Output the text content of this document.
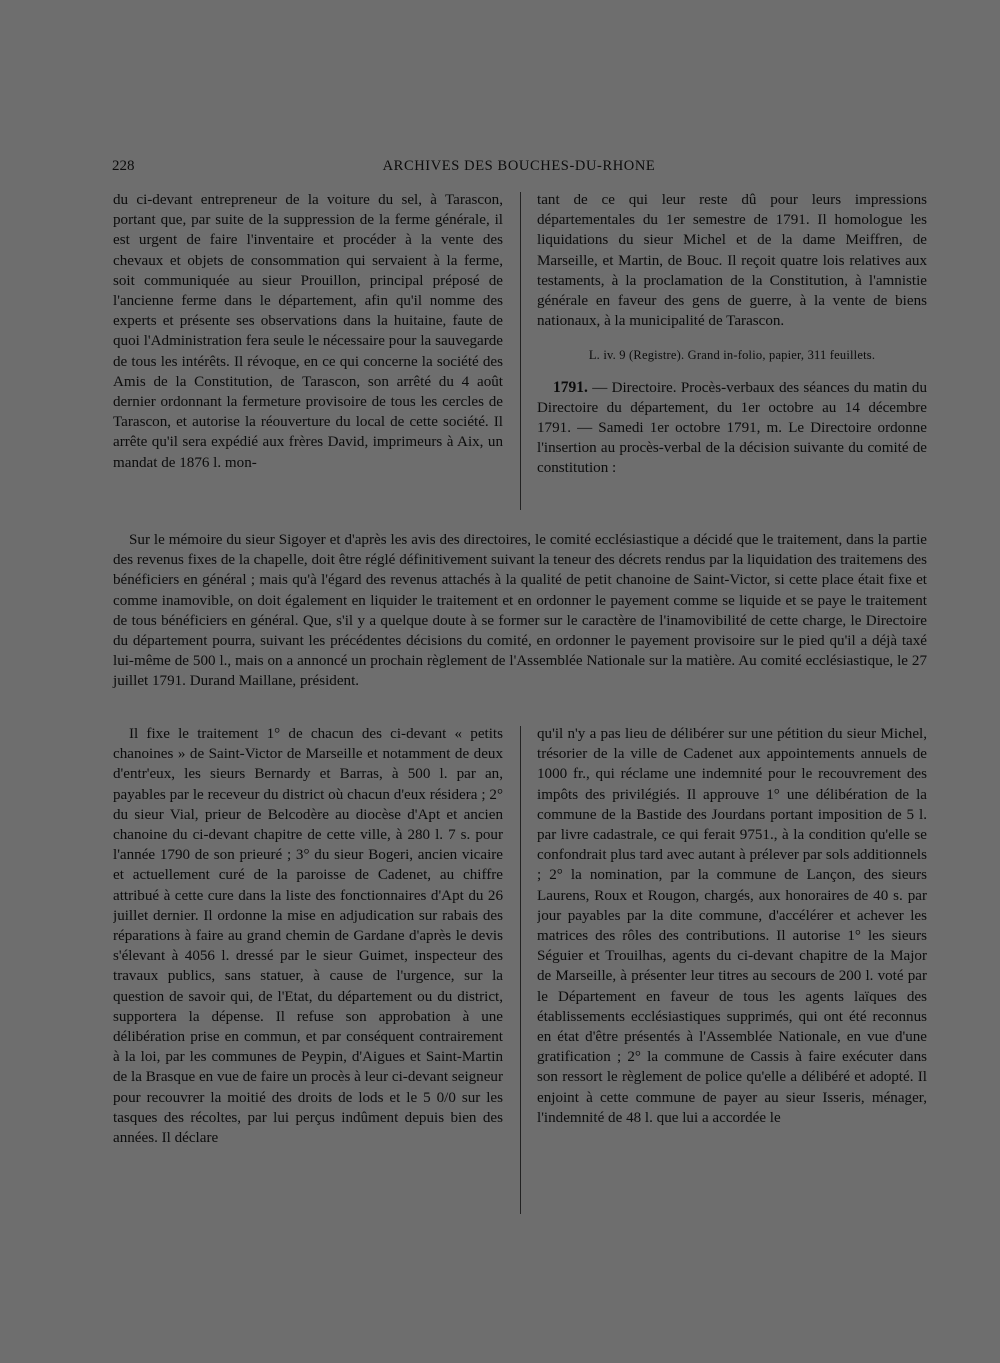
228	ARCHIVES DES BOUCHES-DU-RHONE

du ci-devant entrepreneur de la voiture du sel, à Tarascon, portant que, par suite de la suppression de la ferme générale, il est urgent de faire l'inventaire et procéder à la vente des chevaux et objets de consommation qui servaient à la ferme, soit communiquée au sieur Prouillon, principal préposé de l'ancienne ferme dans le département, afin qu'il nomme des experts et présente ses observations dans la huitaine, faute de quoi l'Administration fera seule le nécessaire pour la sauvegarde de tous les intérêts. Il révoque, en ce qui concerne la société des Amis de la Constitution, de Tarascon, son arrêté du 4 août dernier ordonnant la fermeture provisoire de tous les cercles de Tarascon, et autorise la réouverture du local de cette société. Il arrête qu'il sera expédié aux frères David, imprimeurs à Aix, un mandat de 1876 l. mon-

tant de ce qui leur reste dû pour leurs impressions départementales du 1er semestre de 1791. Il homologue les liquidations du sieur Michel et de la dame Meiffren, de Marseille, et Martin, de Bouc. Il reçoit quatre lois relatives aux testaments, à la proclamation de la Constitution, à l'amnistie générale en faveur des gens de guerre, à la vente de biens nationaux, à la municipalité de Tarascon.

L. iv. 9 (Registre). Grand in-folio, papier, 311 feuillets.

1791. — Directoire. Procès-verbaux des séances du matin du Directoire du département, du 1er octobre au 14 décembre 1791. — Samedi 1er octobre 1791, m. Le Directoire ordonne l'insertion au procès-verbal de la décision suivante du comité de constitution :

Sur le mémoire du sieur Sigoyer et d'après les avis des directoires, le comité ecclésiastique a décidé que le traitement, dans la partie des revenus fixes de la chapelle, doit être réglé définitivement suivant la teneur des décrets rendus par la liquidation des traitemens des bénéficiers en général ; mais qu'à l'égard des revenus attachés à la qualité de petit chanoine de Saint-Victor, si cette place était fixe et comme inamovible, on doit également en liquider le traitement et en ordonner le payement comme se liquide et se paye le traitement de tous bénéficiers en général. Que, s'il y a quelque doute à se former sur le caractère de l'inamovibilité de cette charge, le Directoire du département pourra, suivant les précédentes décisions du comité, en ordonner le payement provisoire sur le pied qu'il a déjà taxé lui-même de 500 l., mais on a annoncé un prochain règlement de l'Assemblée Nationale sur la matière. Au comité ecclésiastique, le 27 juillet 1791. Durand Maillane, président.

Il fixe le traitement 1° de chacun des ci-devant « petits chanoines » de Saint-Victor de Marseille et notamment de deux d'entr'eux, les sieurs Bernardy et Barras, à 500 l. par an, payables par le receveur du district où chacun d'eux résidera ; 2° du sieur Vial, prieur de Belcodère au diocèse d'Apt et ancien chanoine du ci-devant chapitre de cette ville, à 280 l. 7 s. pour l'année 1790 de son prieuré ; 3° du sieur Bogeri, ancien vicaire et actuellement curé de la paroisse de Cadenet, au chiffre attribué à cette cure dans la liste des fonctionnaires d'Apt du 26 juillet dernier. Il ordonne la mise en adjudication sur rabais des réparations à faire au grand chemin de Gardane d'après le devis s'élevant à 4056 l. dressé par le sieur Guimet, inspecteur des travaux publics, sans statuer, à cause de l'urgence, sur la question de savoir qui, de l'Etat, du département ou du district, supportera la dépense. Il refuse son approbation à une délibération prise en commun, et par conséquent contrairement à la loi, par les communes de Peypin, d'Aigues et Saint-Martin de la Brasque en vue de faire un procès à leur ci-devant seigneur pour recouvrer la moitié des droits de lods et le 5 0/0 sur les tasques des récoltes, par lui perçus indûment depuis bien des années. Il déclare

qu'il n'y a pas lieu de délibérer sur une pétition du sieur Michel, trésorier de la ville de Cadenet aux appointements annuels de 1000 fr., qui réclame une indemnité pour le recouvrement des impôts des privilégiés. Il approuve 1° une délibération de la commune de la Bastide des Jourdans portant imposition de 5 l. par livre cadastrale, ce qui ferait 9751., à la condition qu'elle se confondrait plus tard avec autant à prélever par sols additionnels ; 2° la nomination, par la commune de Lançon, des sieurs Laurens, Roux et Rougon, chargés, aux honoraires de 40 s. par jour payables par la dite commune, d'accélérer et achever les matrices des rôles des contributions. Il autorise 1° les sieurs Séguier et Trouilhas, agents du ci-devant chapitre de la Major de Marseille, à présenter leur titres au secours de 200 l. voté par le Département en faveur de tous les agents laïques des établissements ecclésiastiques supprimés, qui ont été reconnus en état d'être présentés à l'Assemblée Nationale, en vue d'une gratification ; 2° la commune de Cassis à faire exécuter dans son ressort le règlement de police qu'elle a délibéré et adopté. Il enjoint à cette commune de payer au sieur Isseris, ménager, l'indemnité de 48 l. que lui a accordée le
